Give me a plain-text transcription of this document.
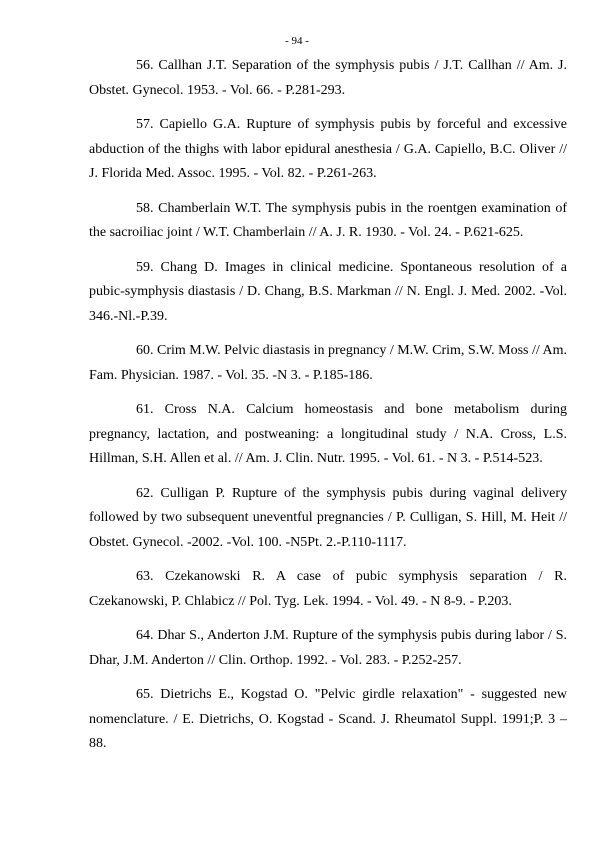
- 94 -

56. Callhan J.T. Separation of the symphysis pubis / J.T. Callhan // Am. J. Obstet. Gynecol. 1953. - Vol. 66. - P.281-293.

57. Capiello G.A. Rupture of symphysis pubis by forceful and excessive abduction of the thighs with labor epidural anesthesia / G.A. Capiello, B.C. Oliver // J. Florida Med. Assoc. 1995. - Vol. 82. - P.261-263.

58. Chamberlain W.T. The symphysis pubis in the roentgen examination of the sacroiliac joint / W.T. Chamberlain // A. J. R. 1930. - Vol. 24. - P.621-625.

59. Chang D. Images in clinical medicine. Spontaneous resolution of a pubic-symphysis diastasis / D. Chang, B.S. Markman // N. Engl. J. Med. 2002. -Vol. 346.-Nl.-P.39.

60. Crim M.W. Pelvic diastasis in pregnancy / M.W. Crim, S.W. Moss // Am. Fam. Physician. 1987. - Vol. 35. -N 3. - P.185-186.

61. Cross N.A. Calcium homeostasis and bone metabolism during pregnancy, lactation, and postweaning: a longitudinal study / N.A. Cross, L.S. Hillman, S.H. Allen et al. // Am. J. Clin. Nutr. 1995. - Vol. 61. - N 3. - P.514-523.

62. Culligan P. Rupture of the symphysis pubis during vaginal delivery followed by two subsequent uneventful pregnancies / P. Culligan, S. Hill, M. Heit // Obstet. Gynecol. -2002. -Vol. 100. -N5Pt. 2.-P.110-1117.

63. Czekanowski R. A case of pubic symphysis separation / R. Czekanowski, P. Chlabicz // Pol. Tyg. Lek. 1994. - Vol. 49. - N 8-9. - P.203.

64. Dhar S., Anderton J.M. Rupture of the symphysis pubis during labor / S. Dhar, J.M. Anderton // Clin. Orthop. 1992. - Vol. 283. - P.252-257.

65. Dietrichs E., Kogstad O. "Pelvic girdle relaxation" - suggested new nomenclature. / E. Dietrichs, O. Kogstad - Scand. J. Rheumatol Suppl. 1991;P. 3 – 88.
